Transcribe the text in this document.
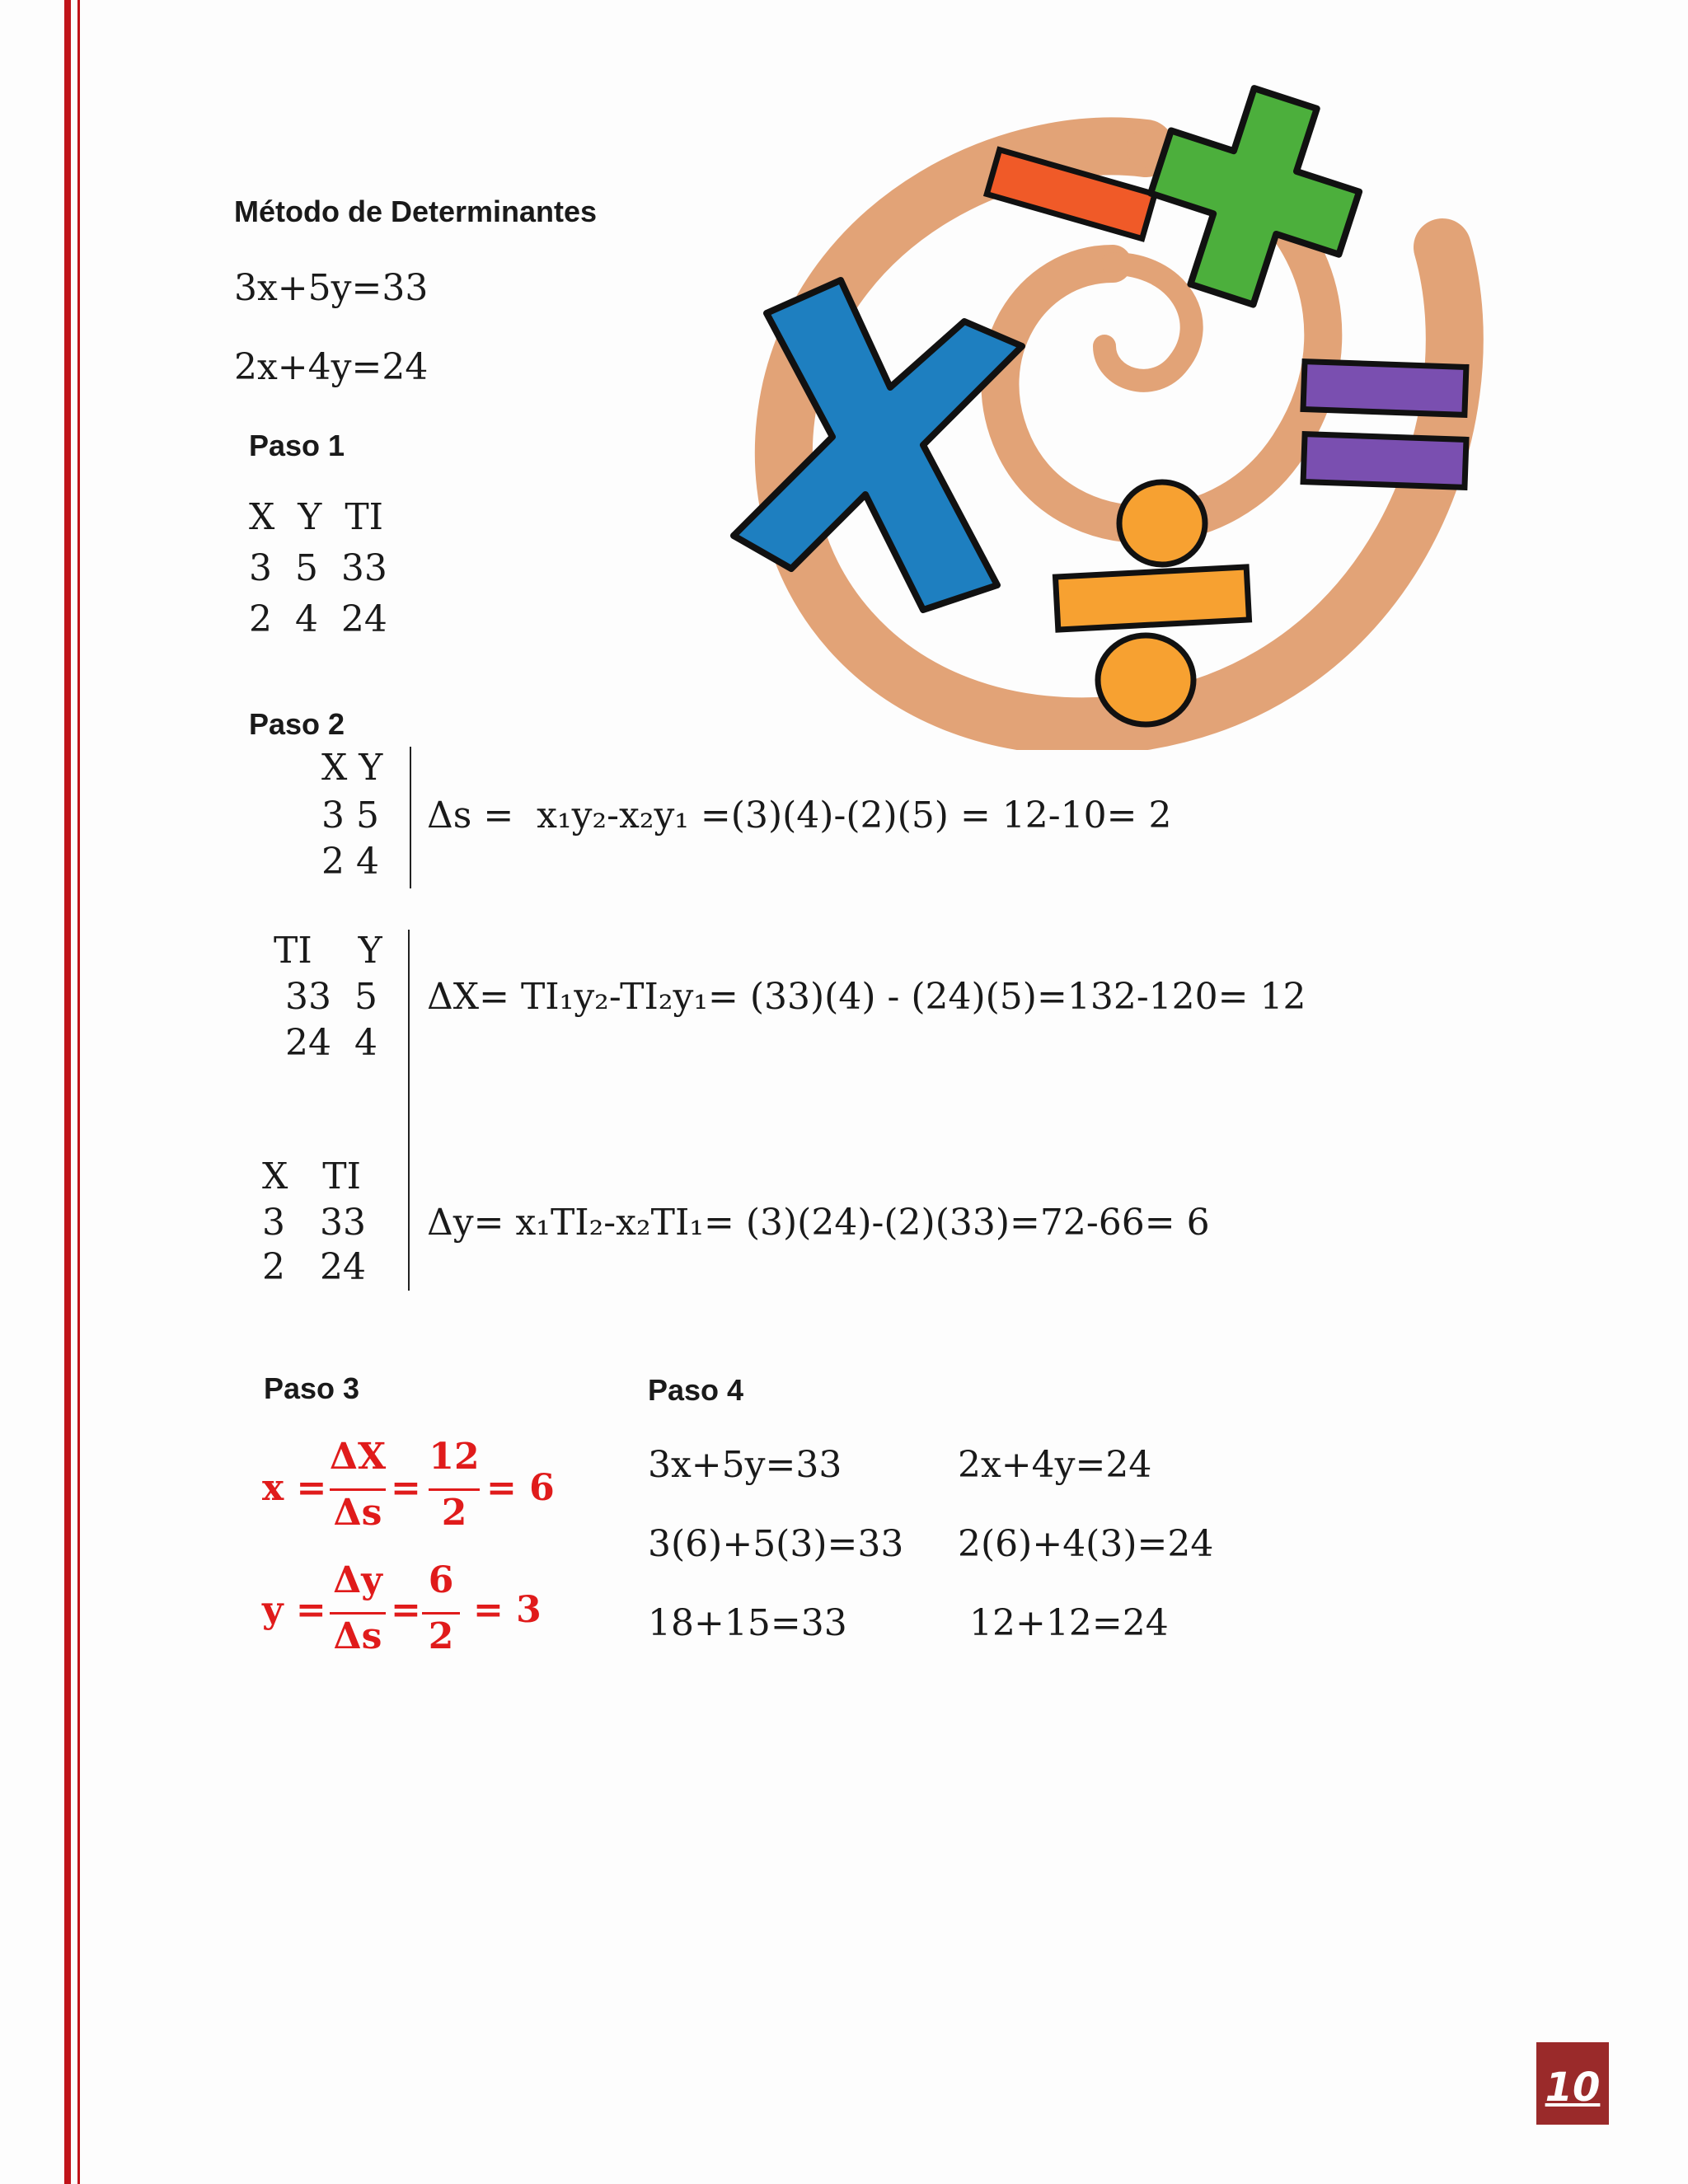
Método de Determinantes
3x+5y=33
2x+4y=24
Paso 1
X  Y  TI
3  5  33
2  4  24
Paso 2
X Y
3 5
2 4
Δs =  x₁y₂-x₂y₁ =(3)(4)-(2)(5) = 12-10= 2
TI    Y
33  5
24  4
ΔX= TI₁y₂-TI₂y₁= (33)(4) - (24)(5)=132-120= 12
X   TI
3   33
2   24
Δy= x₁TI₂-x₂TI₁= (3)(24)-(2)(33)=72-66= 6
Paso 3
x =
ΔX
Δs
=
12
2
= 6
y =
Δy
Δs
=
6
2
= 3
Paso 4
3x+5y=33
3(6)+5(3)=33
18+15=33
2x+4y=24
2(6)+4(3)=24
12+12=24
10
